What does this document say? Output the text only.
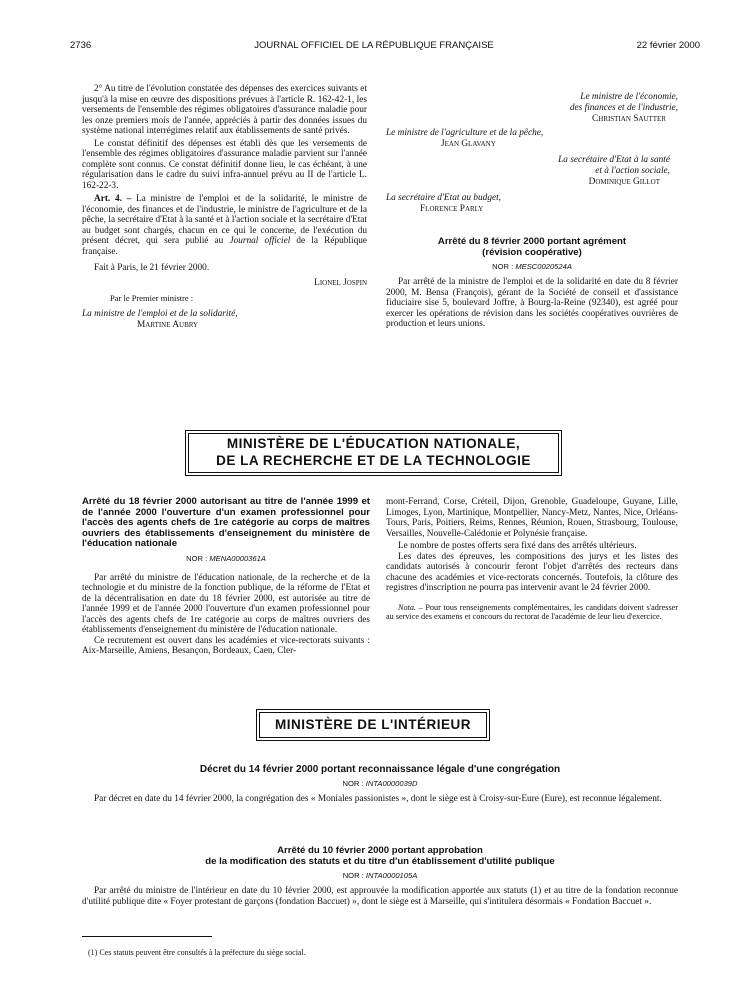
2736	JOURNAL OFFICIEL DE LA RÉPUBLIQUE FRANÇAISE	22 février 2000

2° Au titre de l'évolution constatée des dépenses des exercices suivants et jusqu'à la mise en œuvre des dispositions prévues à l'article R. 162-42-1, les versements de l'ensemble des régimes obligatoires d'assurance maladie pour les onze premiers mois de l'année, appréciés à partir des données issues du système national interrégimes relatif aux établissements de santé privés.

Le constat définitif des dépenses est établi dès que les versements de l'ensemble des régimes obligatoires d'assurance maladie parvient sur l'année complète sont connus. Ce constat définitif donne lieu, le cas échéant, à une régularisation dans le cadre du suivi infra-annuel prévu au II de l'article L. 162-22-3.

Art. 4. – La ministre de l'emploi et de la solidarité, le ministre de l'économie, des finances et de l'industrie, le ministre de l'agriculture et de la pêche, la secrétaire d'Etat à la santé et à l'action sociale et la secrétaire d'Etat au budget sont chargés, chacun en ce qui le concerne, de l'exécution du présent décret, qui sera publié au Journal officiel de la République française.

Fait à Paris, le 21 février 2000.

Lionel Jospin
Par le Premier ministre :
La ministre de l'emploi et de la solidarité,
Martine Aubry
Le ministre de l'économie,
des finances et de l'industrie,
Christian Sautter
Le ministre de l'agriculture et de la pêche,
Jean Glavany
La secrétaire d'Etat à la santé
et à l'action sociale,
Dominique Gillot
La secrétaire d'Etat au budget,
Florence Parly
Arrêté du 8 février 2000 portant agrément
(révision coopérative)
NOR : MESC0020524A

Par arrêté de la ministre de l'emploi et de la solidarité en date du 8 février 2000, M. Bensa (François), gérant de la Société de conseil et d'assistance fiduciaire sise 5, boulevard Joffre, à Bourg-la-Reine (92340), est agréé pour exercer les opérations de révision dans les sociétés coopératives ouvrières de production et leurs unions.

MINISTÈRE DE L'ÉDUCATION NATIONALE,
DE LA RECHERCHE ET DE LA TECHNOLOGIE
Arrêté du 18 février 2000 autorisant au titre de l'année 1999 et de l'année 2000 l'ouverture d'un examen professionnel pour l'accès des agents chefs de 1re catégorie au corps de maîtres ouvriers des établissements d'enseignement du ministère de l'éducation nationale
NOR : MENA0000361A

Par arrêté du ministre de l'éducation nationale, de la recherche et de la technologie et du ministre de la fonction publique, de la réforme de l'Etat et de la décentralisation en date du 18 février 2000, est autorisée au titre de l'année 1999 et de l'année 2000 l'ouverture d'un examen professionnel pour l'accès des agents chefs de 1re catégorie au corps de maîtres ouvriers des établissements d'enseignement du ministère de l'éducation nationale.

Ce recrutement est ouvert dans les académies et vice-rectorats suivants : Aix-Marseille, Amiens, Besançon, Bordeaux, Caen, Cler-

mont-Ferrand, Corse, Créteil, Dijon, Grenoble, Guadeloupe, Guyane, Lille, Limoges, Lyon, Martinique, Montpellier, Nancy-Metz, Nantes, Nice, Orléans-Tours, Paris, Poitiers, Reims, Rennes, Réunion, Rouen, Strasbourg, Toulouse, Versailles, Nouvelle-Calédonie et Polynésie française.

Le nombre de postes offerts sera fixé dans des arrêtés ultérieurs.

Les dates des épreuves, les compositions des jurys et les listes des candidats autorisés à concourir feront l'objet d'arrêtés des recteurs dans chacune des académies et vice-rectorats concernés. Toutefois, la clôture des registres d'inscription ne pourra pas intervenir avant le 24 février 2000.

Nota. – Pour tous renseignements complémentaires, les candidats doivent s'adresser au service des examens et concours du rectorat de l'académie de leur lieu d'exercice.

MINISTÈRE DE L'INTÉRIEUR
Décret du 14 février 2000 portant reconnaissance légale d'une congrégation
NOR : INTA0000039D

Par décret en date du 14 février 2000, la congrégation des « Moniales passionistes », dont le siège est à Croisy-sur-Eure (Eure), est reconnue légalement.

Arrêté du 10 février 2000 portant approbation
de la modification des statuts et du titre d'un établissement d'utilité publique
NOR : INTA0000105A

Par arrêté du ministre de l'intérieur en date du 10 février 2000, est approuvée la modification apportée aux statuts (1) et au titre de la fondation reconnue d'utilité publique dite « Foyer protestant de garçons (fondation Baccuet) », dont le siège est à Marseille, qui s'intitulera désormais « Fondation Baccuet ».

(1) Ces statuts peuvent être consultés à la préfecture du siège social.
